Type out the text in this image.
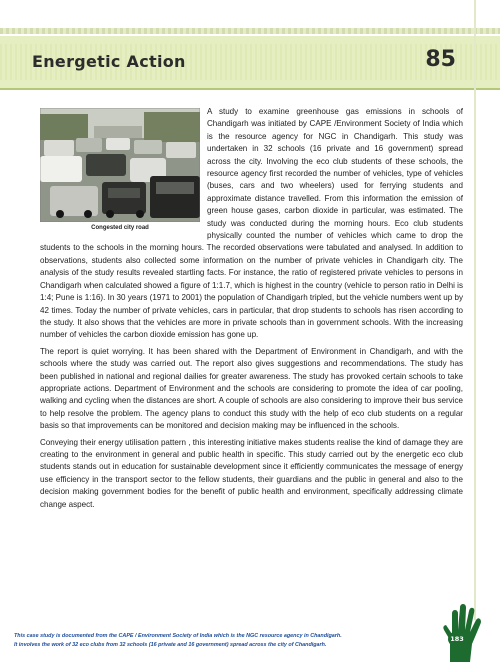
Energetic Action	85

Congested city road
A study to examine greenhouse gas emissions in schools of Chandigarh was initiated by CAPE /Environment Society of India which is the resource agency for NGC in Chandigarh. This study was undertaken in 32 schools (16 private and 16 government) spread across the city. Involving the eco club students of these schools, the resource agency first recorded the number of vehicles, type of vehicles (buses, cars and two wheelers) used for ferrying students and approximate distance travelled. From this information the emission of green house gases, carbon dioxide in particular, was estimated. The study was conducted during the morning hours. Eco club students physically counted the number of vehicles which came to drop the students to the schools in the morning hours. The recorded observations were tabulated and analysed. In addition to observations, students also collected some information on the number of private vehicles in Chandigarh city. The analysis of the study results revealed startling facts. For instance, the ratio of registered private vehicles to persons in Chandigarh when calculated showed a figure of 1:1.7, which is highest in the country (vehicle to person ratio in Delhi is 1:4; Pune is 1:16). In 30 years (1971 to 2001) the population of Chandigarh tripled, but the vehicle numbers went up by 42 times. Today the number of private vehicles, cars in particular, that drop students to schools has risen according to the study. It also shows that the vehicles are more in private schools than in government schools. With the increasing number of vehicles the carbon dioxide emission has gone up.

The report is quiet worrying. It has been shared with the Department of Environment in Chandigarh, and with the schools where the study was carried out. The report also gives suggestions and recommendations. The study has been published in national and regional dailies for greater awareness. The study has provoked certain schools to take appropriate actions. Department of Environment and the schools are considering to promote the idea of car pooling, walking and cycling when the distances are short. A couple of schools are also considering to improve their bus service to help resolve the problem. The agency plans to conduct this study with the help of eco club students on a regular basis so that improvements can be monitored and decision making may be influenced in the schools.

Conveying their energy utilisation pattern , this interesting initiative makes students realise the kind of damage they are creating to the environment in general and public health in specific. This study carried out by the energetic eco club students stands out in education for sustainable development since it efficiently communicates the message of energy use efficiency in the transport sector to the fellow students, their guardians and the public in general and also to the decision making government bodies for the benefit of public health and environment, specifically addressing climate change aspect.

This case study is documented from the CAPE / Environment Society of India which is the NGC resource agency in Chandigarh.
It involves the work of 32 eco clubs from 32 schools (16 private and 16 government) spread across the city of Chandigarh.
183
